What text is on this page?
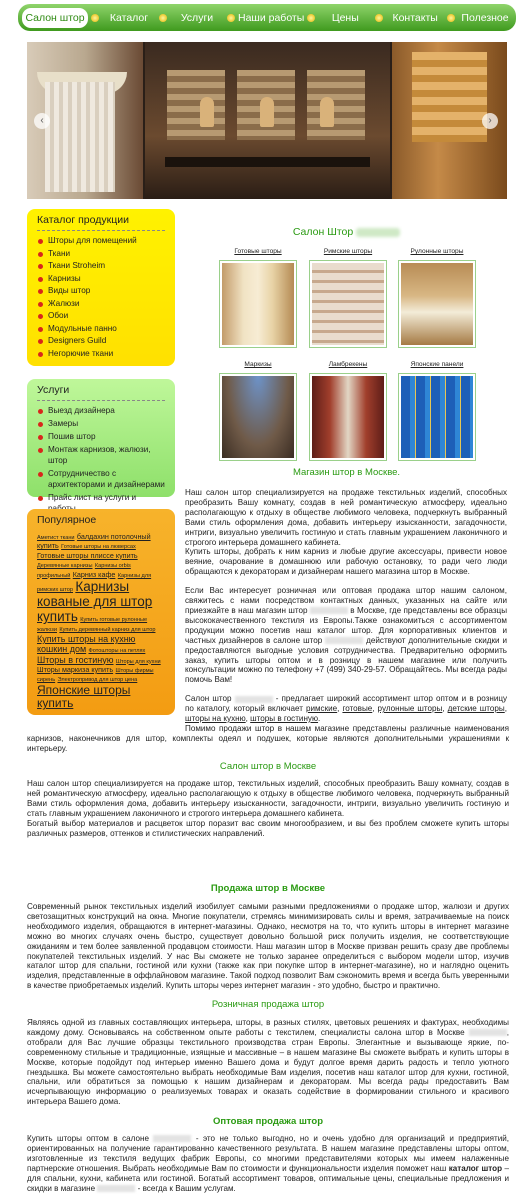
Салон штор	Каталог	Услуги	Наши работы	Цены	Контакты	Полезное
‹	›
Каталог продукции
Шторы для помещений
Ткани
Ткани Stroheim
Карнизы
Виды штор
Жалюзи
Обои
Модульные панно
Designers Guild
Негорючие ткани
Услуги
Выезд дизайнера
Замеры
Пошив штор
Монтаж карнизов, жалюзи, штор
Сотрудничество с архитекторами и дизайнерами
Прайс лист на услуги и
Популярное
Аметист ткани балдахин потолочный купить Готовые шторы на люверсах Готовые шторы плиссе купить Деревянные карнизы Карнизы orbis профильный Карниз кафе Карнизы для римских штор Карнизы кованые для штор купить Купить готовые рулонные жалюзи Купить деревянный карниз для штор Купить шторы на кухню кошкин дом Фотошторы на петлях Шторы в гостиную Шторы для кухни Шторы маркиза купить Шторы фирмы сирень Электропривод для штор цена Японские шторы купить
Салон Штор
Готовые шторы	Римские шторы	Рулонные шторы
Маркизы	Ламбрекены	Японские панели
Магазин штор в Москве.

Наш салон штор специализируется на продаже текстильных изделий, способных преобразить Вашу комнату, создав в ней романтическую атмосферу, идеально располагающую к отдыху в обществе любимого человека, подчеркнуть выбранный Вами стиль оформления дома, добавить интерьеру изысканности, загадочности, интриги, визуально увеличить гостиную и стать главным украшением лаконичного и строгого интерьера домашнего кабинета.

Купить шторы, добрать к ним карниз и любые другие аксессуары, привести новое веяние, очарование в домашнюю или рабочую остановку, то ради чего люди обращаются к декораторам и дизайнерам нашего магазина штор в Москве.

Если Вас интересует розничная или оптовая продажа штор нашим салоном, свяжитесь с нами посредством контактных данных, указанных на сайте или приезжайте в наш магазин штор	в Москве, где представлены все образцы высококачественного текстиля из Европы.Также ознакомиться с ассортиментом продукции можно посетив наш каталог штор. Для корпоративных клиентов и частных дизайнеров в салоне штор	действуют дополнительные скидки и предоставляются выгодные условия сотрудничества. Предварительно оформить заказ, купить шторы оптом и в розницу в нашем магазине или получить консультации можно по телефону +7 (499) 340-29-57. Обращайтесь. Мы всегда рады помочь Вам!

Салон штор	- предлагает широкий ассортимент штор оптом и в розницу по каталогу, который включает римские, готовые, рулонные шторы, детские шторы, шторы на кухню, шторы в гостиную.

Помимо продажи штор в нашем магазине представлены различные наименования карнизов, наконечников для штор, комплекты одеял и подушек, которые являются дополнительными украшениями к интерьеру.
Салон штор в Москве

Наш салон штор специализируется на продаже штор, текстильных изделий, способных преобразить Вашу комнату, создав в ней романтическую атмосферу, идеально располагающую к отдыху в обществе любимого человека, подчеркнуть выбранный Вами стиль оформления дома, добавить интерьеру изысканности, загадочности, интриги, визуально увеличить гостиную и стать главным украшением лаконичного и строгого интерьера домашнего кабинета.

Богатый выбор материалов и расцветок штор поразит вас своим многообразием, и вы без проблем сможете купить шторы различных размеров, оттенков и стилистических направлений.

Продажа штор в Москве
Современный рынок текстильных изделий изобилует самыми разными предложениями о продаже штор, жалюзи и других светозащитных конструкций на окна. Многие покупатели, стремясь минимизировать силы и время, затрачиваемые на поиск необходимого изделия, обращаются в интернет-магазины. Однако, несмотря на то, что купить шторы в интернет магазине можно во многих случаях очень быстро, существует довольно большой риск получить изделия, не соответствующие ожиданиям и тем более заявленной продавцом стоимости. Наш магазин штор в Москве призван решить сразу две проблемы покупателей текстильных изделий. У нас Вы сможете не только заранее определиться с выбором модели штор, изучив каталог штор для спальни, гостиной или кухни (также как при покупке штор в интернет-магазине), но и наглядно оценить изделия, представленные в оффлайновом магазине. Такой подход позволит Вам сэкономить время и всегда быть уверенными в качестве приобретаемых изделий. Купить шторы через интернет магазин - это удобно, быстро и практично.
Розничная продажа штор
Являясь одной из главных составляющих интерьера, шторы, в разных стилях, цветовых решениях и фактурах, необходимы каждому дому. Основываясь на собственном опыте работы с текстилем, специалисты салона штор в Москве	, отобрали для Вас лучшие образцы текстильного производства стран Европы. Элегантные и вызывающе яркие, по-современному стильные и традиционные, изящные и массивные – в нашем магазине Вы сможете выбрать и купить шторы в Москве, которые подойдут под интерьер именно Вашего дома и будут долгое время дарить радость и тепло уютного гнездышка. Вы можете самостоятельно выбрать необходимые Вам изделия, посетив наш каталог штор для кухни, гостиной, спальни, или обратиться за помощью к нашим дизайнерам и декораторам. Мы всегда рады предоставить Вам исчерпывающую информацию о реализуемых товарах и оказать содействие в формировании стильного и красивого интерьера Вашего дома.
Оптовая продажа штор
Купить шторы оптом в салоне	- это не только выгодно, но и очень удобно для организаций и предприятий, ориентированных на получение гарантированно качественного результата. В нашем магазине представлены шторы оптом, изготовленные из текстиля ведущих фабрик Европы, со многими представителями которых мы имеем налаженные партнерские отношения. Выбрать необходимые Вам по стоимости и функциональности изделия поможет наш каталог штор – для спальни, кухни, кабинета или гостиной. Богатый ассортимент товаров, оптимальные цены, специальные предложения и скидки в магазине	- всегда к Вашим услугам.
